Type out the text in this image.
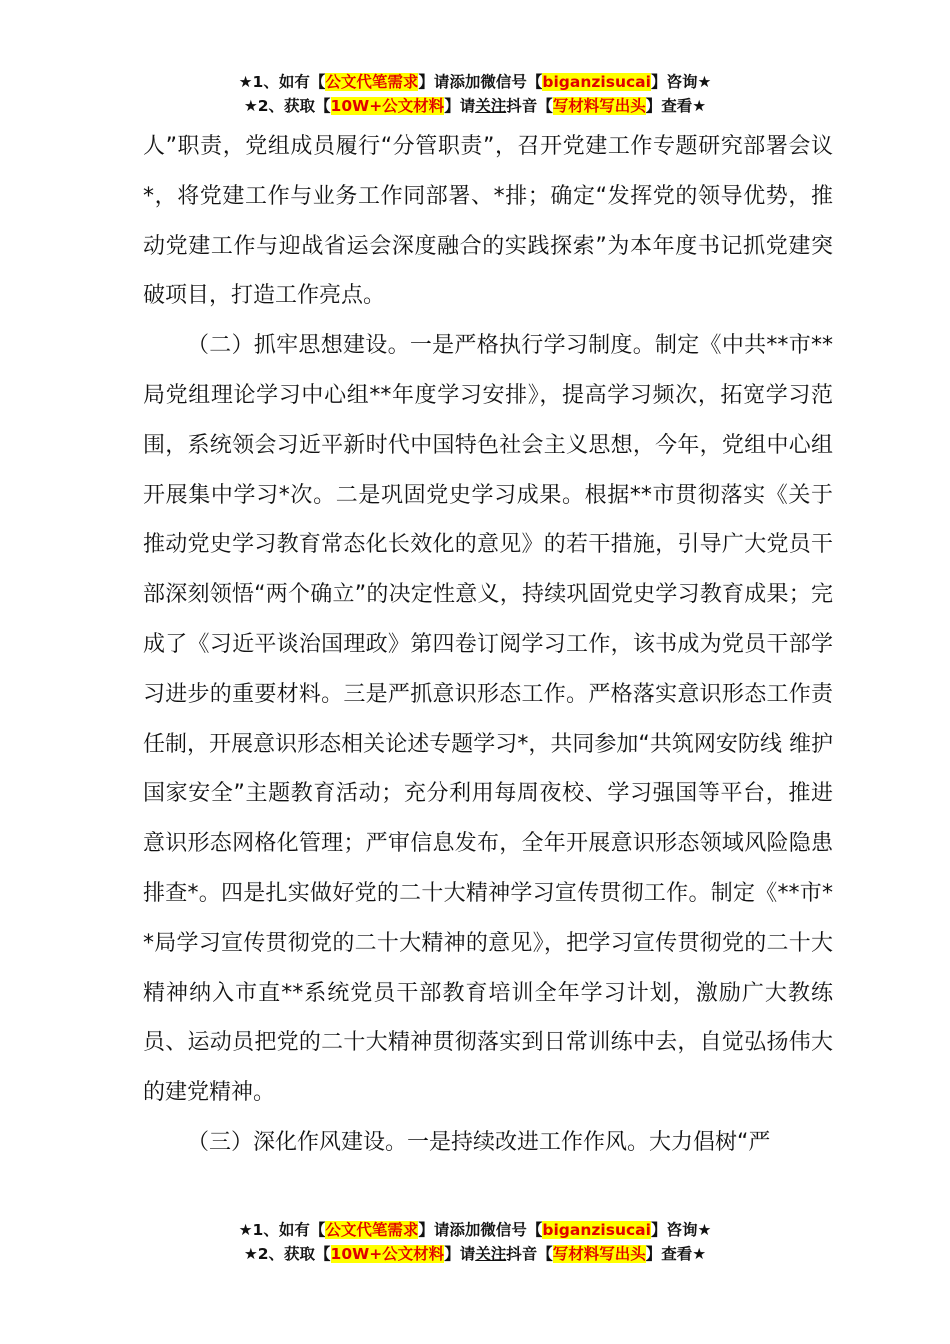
★1、如有【公文代笔需求】请添加微信号【biganzisucai】咨询★
★2、获取【10W+公文材料】请关注抖音【写材料写出头】查看★

人”职责，党组成员履行“分管职责”，召开党建工作专题研究部署会议*，将党建工作与业务工作同部署、*排；确定“发挥党的领导优势，推动党建工作与迎战省运会深度融合的实践探索”为本年度书记抓党建突破项目，打造工作亮点。

（二）抓牢思想建设。一是严格执行学习制度。制定《中共**市**局党组理论学习中心组**年度学习安排》，提高学习频次，拓宽学习范围，系统领会习近平新时代中国特色社会主义思想，今年，党组中心组开展集中学习*次。二是巩固党史学习成果。根据**市贯彻落实《关于推动党史学习教育常态化长效化的意见》的若干措施，引导广大党员干部深刻领悟“两个确立”的决定性意义，持续巩固党史学习教育成果；完成了《习近平谈治国理政》第四卷订阅学习工作，该书成为党员干部学习进步的重要材料。三是严抓意识形态工作。严格落实意识形态工作责任制，开展意识形态相关论述专题学习*，共同参加“共筑网安防线 维护国家安全”主题教育活动；充分利用每周夜校、学习强国等平台，推进意识形态网格化管理；严审信息发布，全年开展意识形态领域风险隐患排查*。四是扎实做好党的二十大精神学习宣传贯彻工作。制定《**市**局学习宣传贯彻党的二十大精神的意见》，把学习宣传贯彻党的二十大精神纳入市直**系统党员干部教育培训全年学习计划，激励广大教练员、运动员把党的二十大精神贯彻落实到日常训练中去，自觉弘扬伟大的建党精神。

（三）深化作风建设。一是持续改进工作作风。大力倡树“严

★1、如有【公文代笔需求】请添加微信号【biganzisucai】咨询★
★2、获取【10W+公文材料】请关注抖音【写材料写出头】查看★
